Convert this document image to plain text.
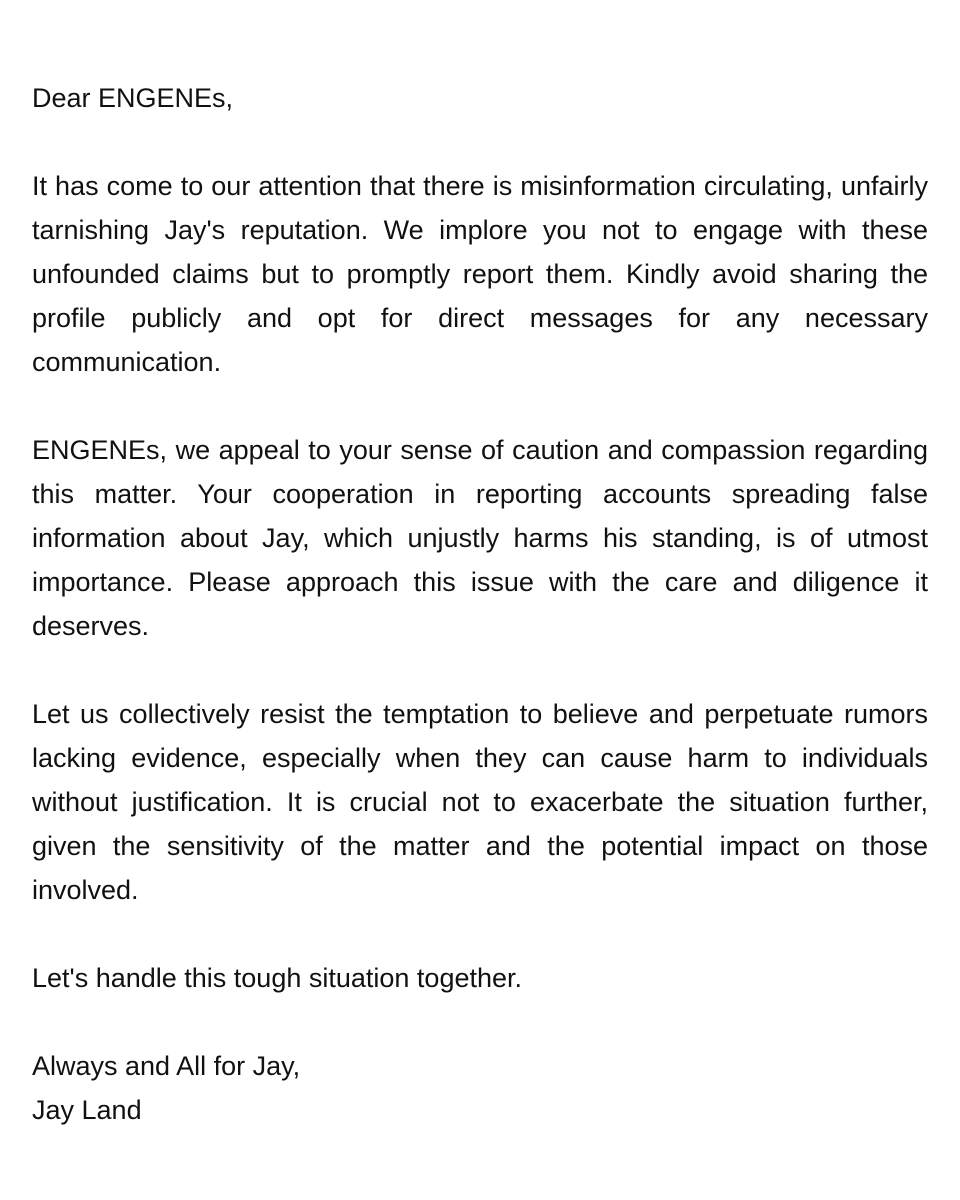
Dear ENGENEs,

It has come to our attention that there is misinformation circulating, unfairly tarnishing Jay's reputation. We implore you not to engage with these unfounded claims but to promptly report them. Kindly avoid sharing the profile publicly and opt for direct messages for any necessary communication.

ENGENEs, we appeal to your sense of caution and compassion regarding this matter. Your cooperation in reporting accounts spreading false information about Jay, which unjustly harms his standing, is of utmost importance. Please approach this issue with the care and diligence it deserves.

Let us collectively resist the temptation to believe and perpetuate rumors lacking evidence, especially when they can cause harm to individuals without justification. It is crucial not to exacerbate the situation further, given the sensitivity of the matter and the potential impact on those involved.

Let's handle this tough situation together.

Always and All for Jay,

Jay Land
